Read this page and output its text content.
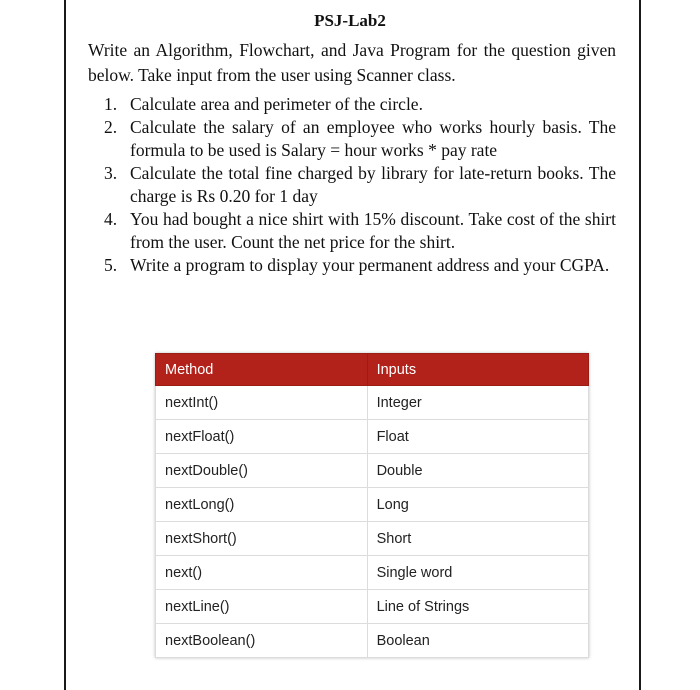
PSJ-Lab2

Write an Algorithm, Flowchart, and Java Program for the question given below. Take input from the user using Scanner class.

1. Calculate area and perimeter of the circle.
2. Calculate the salary of an employee who works hourly basis. The formula to be used is Salary = hour works * pay rate
3. Calculate the total fine charged by library for late-return books. The charge is Rs 0.20 for 1 day
4. You had bought a nice shirt with 15% discount. Take cost of the shirt from the user. Count the net price for the shirt.
5. Write a program to display your permanent address and your CGPA.
Method	Inputs
nextInt()	Integer
nextFloat()	Float
nextDouble()	Double
nextLong()	Long
nextShort()	Short
next()	Single word
nextLine()	Line of Strings
nextBoolean()	Boolean
